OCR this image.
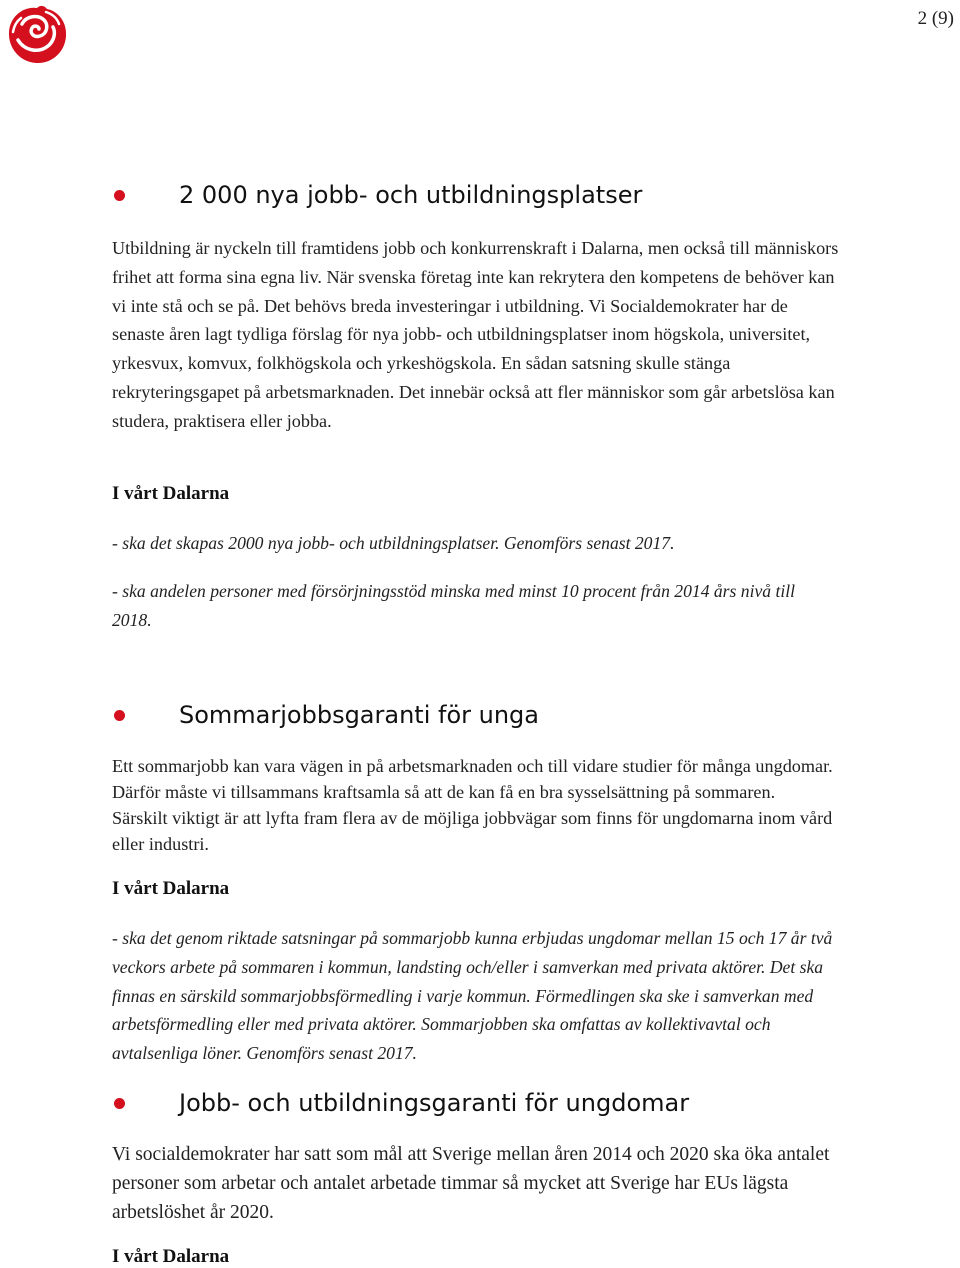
2 (9)
2 000 nya jobb- och utbildningsplatser

Utbildning är nyckeln till framtidens jobb och konkurrenskraft i Dalarna, men också till människors frihet att forma sina egna liv. När svenska företag inte kan rekrytera den kompetens de behöver kan vi inte stå och se på. Det behövs breda investeringar i utbildning. Vi Socialdemokrater har de senaste åren lagt tydliga förslag för nya jobb- och utbildningsplatser inom högskola, universitet, yrkesvux, komvux, folkhögskola och yrkeshögskola. En sådan satsning skulle stänga rekryteringsgapet på arbetsmarknaden. Det innebär också att fler människor som går arbetslösa kan studera, praktisera eller jobba.

I vårt Dalarna

- ska det skapas 2000 nya jobb- och utbildningsplatser. Genomförs senast 2017.

- ska andelen personer med försörjningsstöd minska med minst 10 procent från 2014 års nivå till 2018.

Sommarjobbsgaranti för unga

Ett sommarjobb kan vara vägen in på arbetsmarknaden och till vidare studier för många ungdomar. Därför måste vi tillsammans kraftsamla så att de kan få en bra sysselsättning på sommaren. Särskilt viktigt är att lyfta fram flera av de möjliga jobbvägar som finns för ungdomarna inom vård eller industri.

I vårt Dalarna

- ska det genom riktade satsningar på sommarjobb kunna erbjudas ungdomar mellan 15 och 17 år två veckors arbete på sommaren i kommun, landsting och/eller i samverkan med privata aktörer. Det ska finnas en särskild sommarjobbsförmedling i varje kommun. Förmedlingen ska ske i samverkan med arbetsförmedling eller med privata aktörer. Sommarjobben ska omfattas av kollektivavtal och avtalsenliga löner. Genomförs senast 2017.

Jobb- och utbildningsgaranti för ungdomar

Vi socialdemokrater har satt som mål att Sverige mellan åren 2014 och 2020 ska öka antalet personer som arbetar och antalet arbetade timmar så mycket att Sverige har EUs lägsta arbetslöshet år 2020.

I vårt Dalarna
